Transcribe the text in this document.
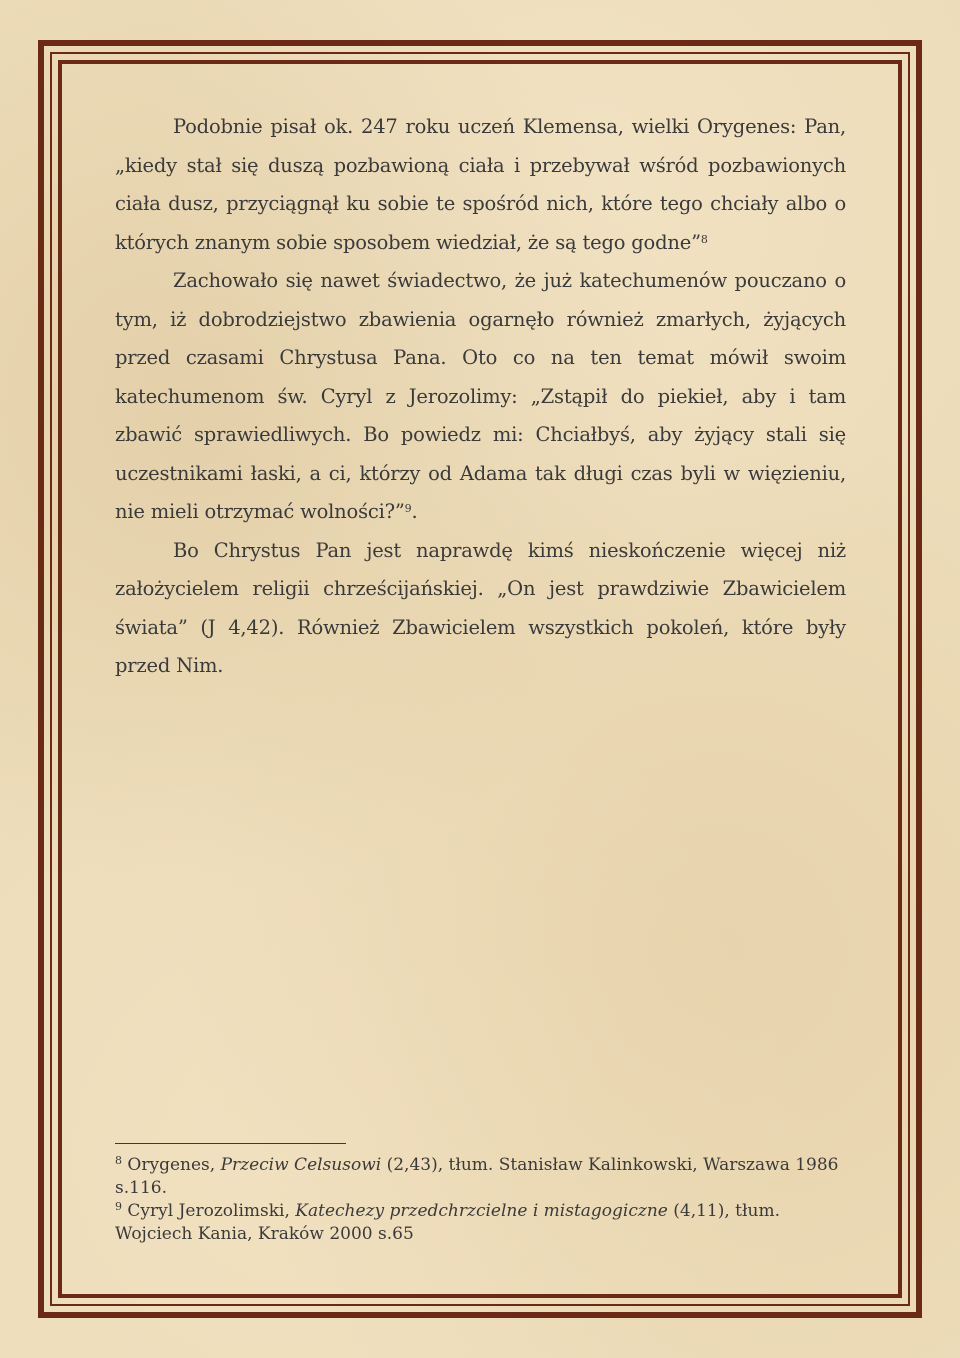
Podobnie pisał ok. 247 roku uczeń Klemensa, wielki Orygenes: Pan, „kiedy stał się duszą pozbawioną ciała i przebywał wśród pozbawionych ciała dusz, przyciągnął ku sobie te spośród nich, które tego chciały albo o których znanym sobie sposobem wiedział, że są tego godne”$^8$

Zachowało się nawet świadectwo, że już katechumenów pouczano o tym, iż dobrodziejstwo zbawienia ogarnęło również zmarłych, żyjących przed czasami Chrystusa Pana. Oto co na ten temat mówił swoim katechumenom św. Cyryl z Jerozolimy: „Zstąpił do piekieł, aby i tam zbawić sprawiedliwych. Bo powiedz mi: Chciałbyś, aby żyjący stali się uczestnikami łaski, a ci, którzy od Adama tak długi czas byli w więzieniu, nie mieli otrzymać wolności?”$^9$.

Bo Chrystus Pan jest naprawdę kimś nieskończenie więcej niż założycielem religii chrześcijańskiej. „On jest prawdziwie Zbawicielem świata” (J 4,42). Również Zbawicielem wszystkich pokoleń, które były przed Nim.

$^8$ Orygenes, Przeciw Celsusowi (2,43), tłum. Stanisław Kalinkowski, Warszawa 1986 s.116.

$^9$ Cyryl Jerozolimski, Katechezy przedchrzcielne i mistagogiczne (4,11), tłum. Wojciech Kania, Kraków 2000 s.65
